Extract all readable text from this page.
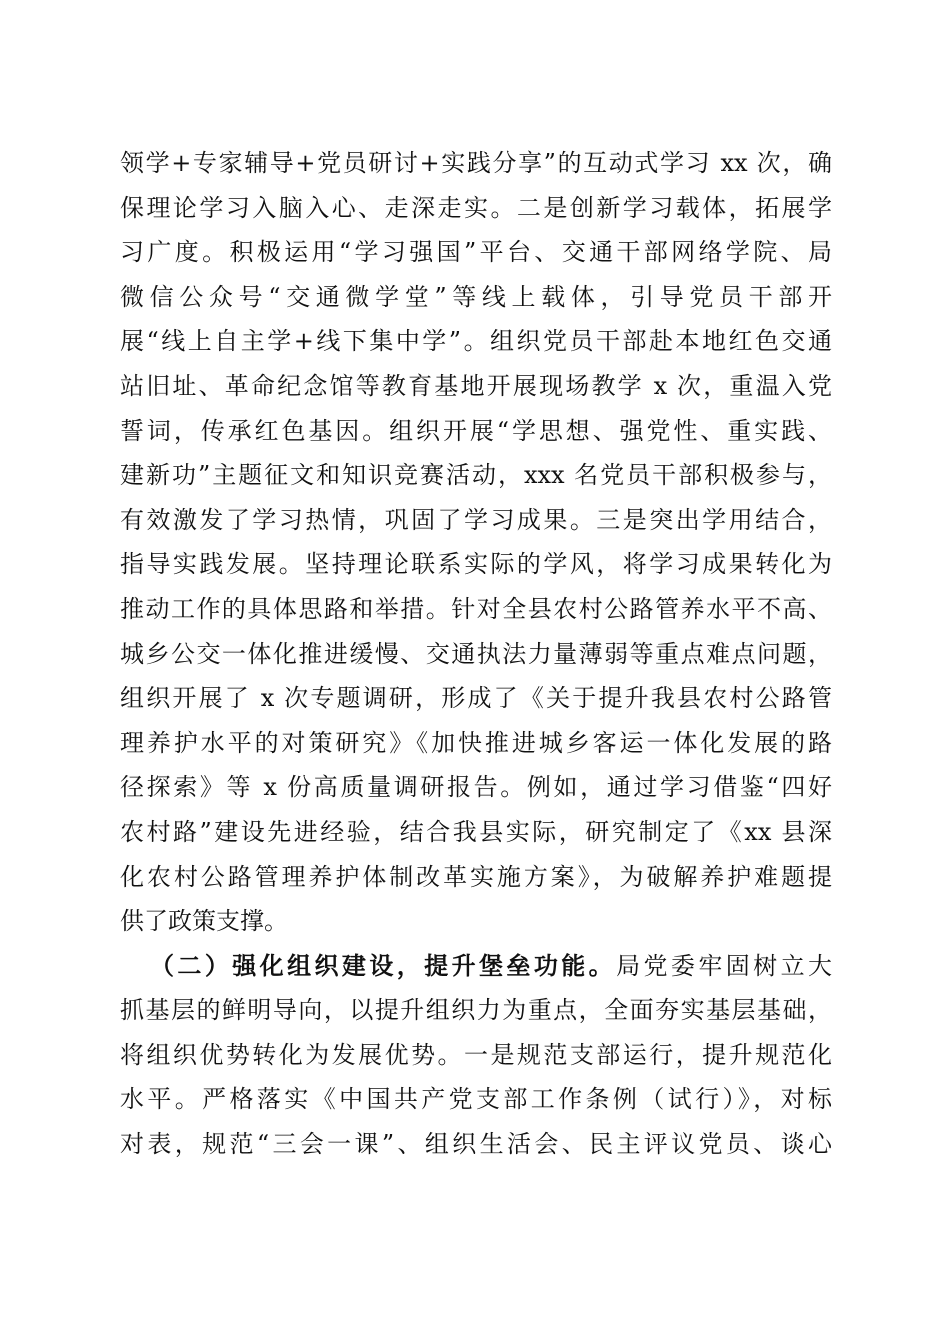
领学+专家辅导+党员研讨+实践分享”的互动式学习 xx 次，确
保理论学习入脑入心、走深走实。二是创新学习载体，拓展学
习广度。积极运用“学习强国”平台、交通干部网络学院、局
微信公众号“交通微学堂”等线上载体，引导党员干部开
展“线上自主学+线下集中学”。组织党员干部赴本地红色交通
站旧址、革命纪念馆等教育基地开展现场教学 x 次，重温入党
誓词，传承红色基因。组织开展“学思想、强党性、重实践、
建新功”主题征文和知识竞赛活动，xxx 名党员干部积极参与，
有效激发了学习热情，巩固了学习成果。三是突出学用结合，
指导实践发展。坚持理论联系实际的学风，将学习成果转化为
推动工作的具体思路和举措。针对全县农村公路管养水平不高、
城乡公交一体化推进缓慢、交通执法力量薄弱等重点难点问题，
组织开展了 x 次专题调研，形成了《关于提升我县农村公路管
理养护水平的对策研究》《加快推进城乡客运一体化发展的路
径探索》等 x 份高质量调研报告。例如，通过学习借鉴“四好
农村路”建设先进经验，结合我县实际，研究制定了《xx 县深
化农村公路管理养护体制改革实施方案》，为破解养护难题提
供了政策支撑。
（二）强化组织建设，提升堡垒功能。局党委牢固树立大
抓基层的鲜明导向，以提升组织力为重点，全面夯实基层基础，
将组织优势转化为发展优势。一是规范支部运行，提升规范化
水平。严格落实《中国共产党支部工作条例（试行）》，对标
对表，规范“三会一课”、组织生活会、民主评议党员、谈心
